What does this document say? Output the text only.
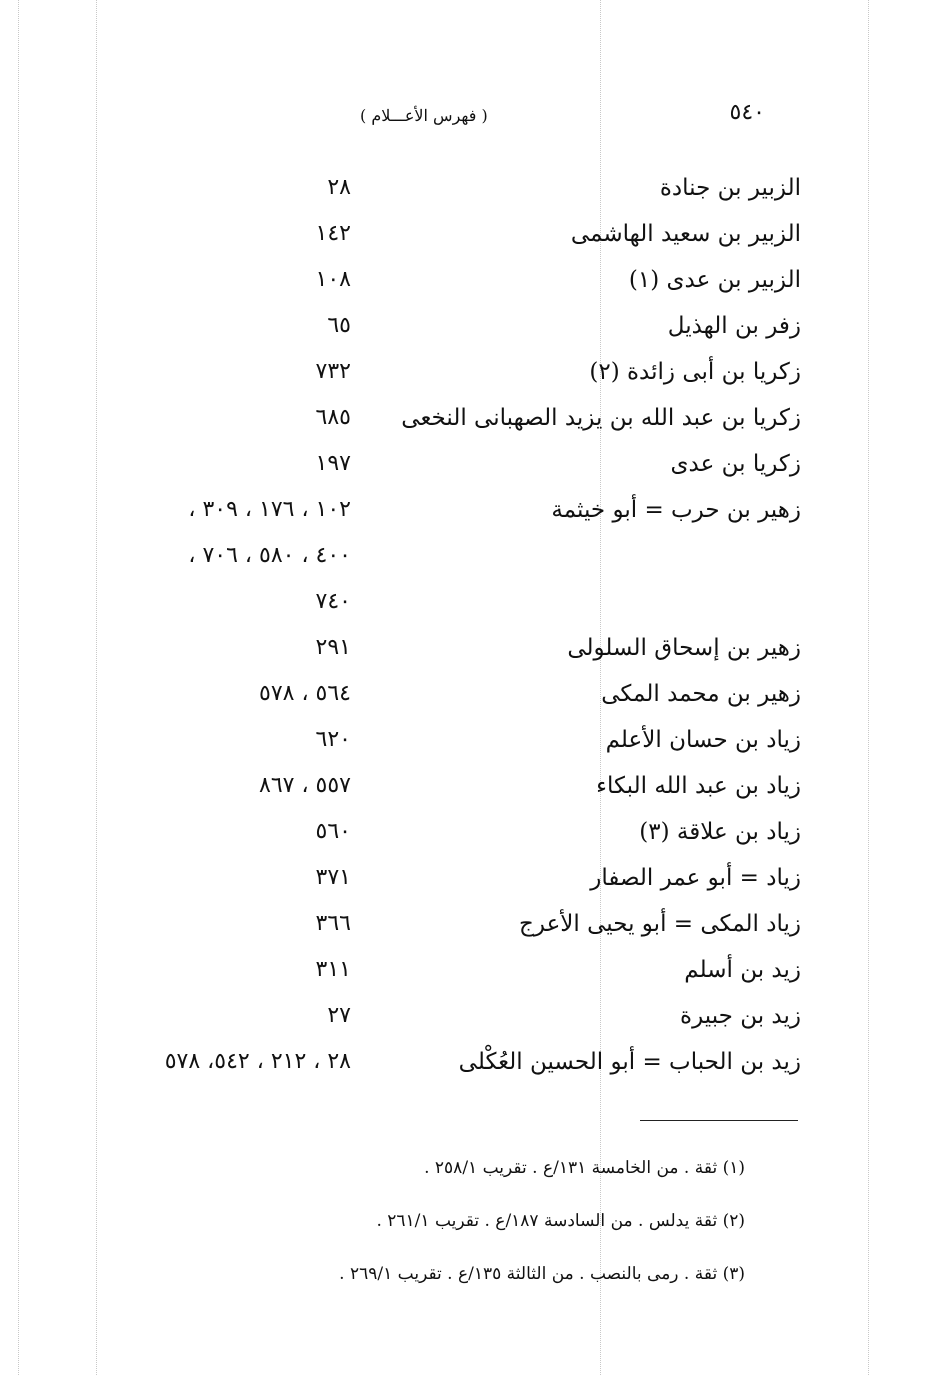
٥٤٠
( فهرس الأعـــلام )
الزبير بن جنادة
٢٨
الزبير بن سعيد الهاشمى
١٤٢
الزبير بن عدى (١)
١٠٨
زفر بن الهذيل
٦٥
زكريا بن أبى زائدة (٢)
٧٣٢
زكريا بن عبد الله بن يزيد الصهبانى النخعى
٦٨٥
زكريا بن عدى
١٩٧
زهير بن حرب = أبو خيثمة
١٠٢ ، ١٧٦ ، ٣٠٩ ،
٤٠٠ ، ٥٨٠ ، ٧٠٦ ،
٧٤٠
زهير بن إسحاق السلولى
٢٩١
زهير بن محمد المكى
٥٦٤ ، ٥٧٨
زياد بن حسان الأعلم
٦٢٠
زياد بن عبد الله البكاء
٥٥٧ ، ٨٦٧
زياد بن علاقة (٣)
٥٦٠
زياد = أبو عمر الصفار
٣٧١
زياد المكى = أبو يحيى الأعرج
٣٦٦
زيد بن أسلم
٣١١
زيد بن جبيرة
٢٧
زيد بن الحباب = أبو الحسين العُكْلى
٢٨ ، ٢١٢ ، ٥٤٢، ٥٧٨
(١) ثقة . من الخامسة ١٣١/ع . تقريب ٢٥٨/١ .
(٢) ثقة يدلس . من السادسة ١٨٧/ع . تقريب ٢٦١/١ .
(٣) ثقة . رمى بالنصب . من الثالثة ١٣٥/ع . تقريب ٢٦٩/١ .
